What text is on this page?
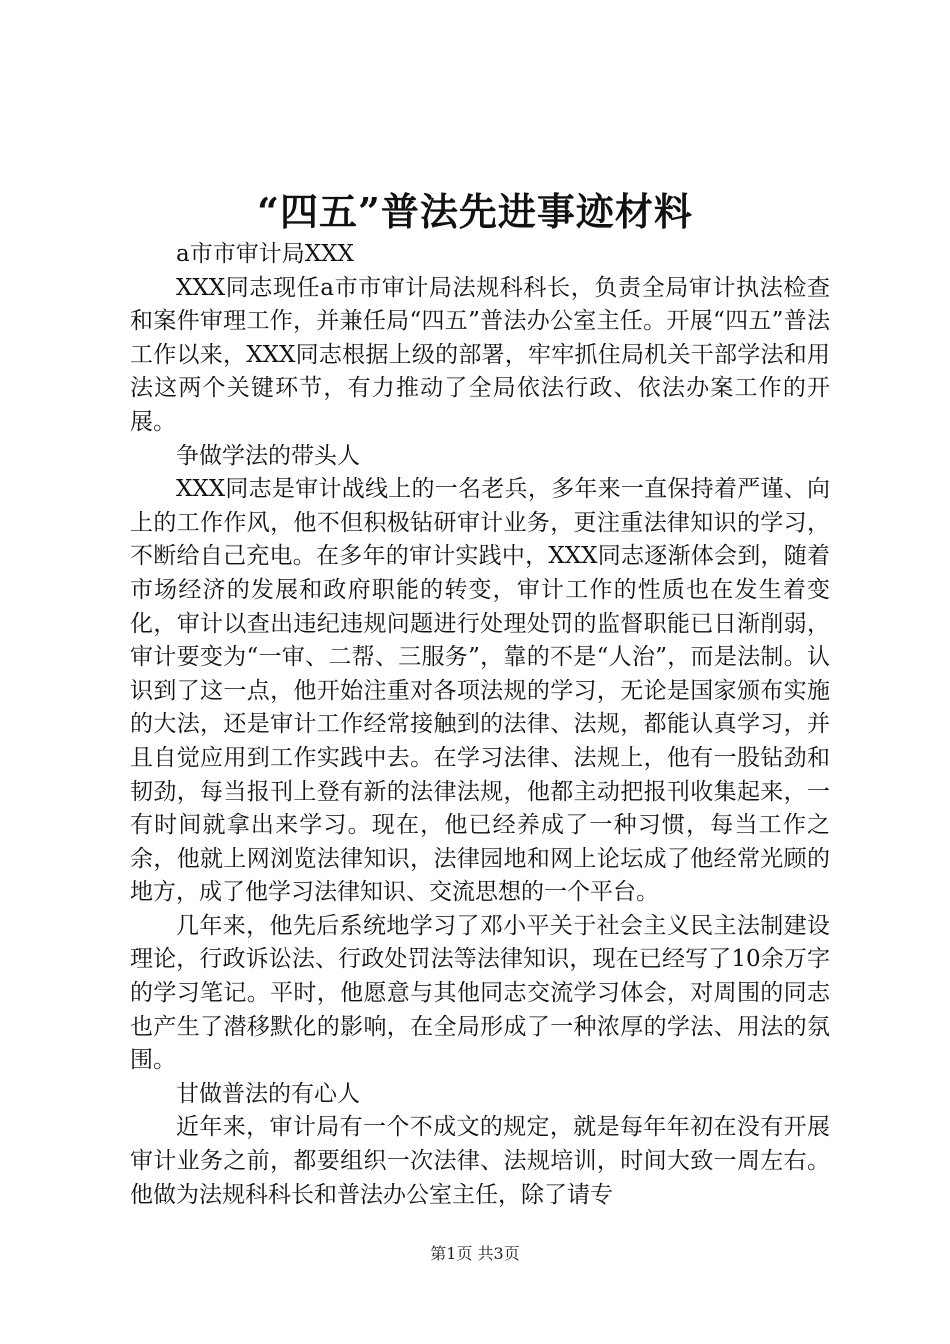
“四五”普法先进事迹材料

a市市审计局XXX

XXX同志现任a市市审计局法规科科长，负责全局审计执法检查和案件审理工作，并兼任局“四五”普法办公室主任。开展“四五”普法工作以来，XXX同志根据上级的部署，牢牢抓住局机关干部学法和用法这两个关键环节，有力推动了全局依法行政、依法办案工作的开展。

争做学法的带头人

XXX同志是审计战线上的一名老兵，多年来一直保持着严谨、向上的工作作风，他不但积极钻研审计业务，更注重法律知识的学习，不断给自己充电。在多年的审计实践中，XXX同志逐渐体会到，随着市场经济的发展和政府职能的转变，审计工作的性质也在发生着变化，审计以查出违纪违规问题进行处理处罚的监督职能已日渐削弱，审计要变为“一审、二帮、三服务”，靠的不是“人治”，而是法制。认识到了这一点，他开始注重对各项法规的学习，无论是国家颁布实施的大法，还是审计工作经常接触到的法律、法规，都能认真学习，并且自觉应用到工作实践中去。在学习法律、法规上，他有一股钻劲和韧劲，每当报刊上登有新的法律法规，他都主动把报刊收集起来，一有时间就拿出来学习。现在，他已经养成了一种习惯，每当工作之余，他就上网浏览法律知识，法律园地和网上论坛成了他经常光顾的地方，成了他学习法律知识、交流思想的一个平台。

几年来，他先后系统地学习了邓小平关于社会主义民主法制建设理论，行政诉讼法、行政处罚法等法律知识，现在已经写了10余万字的学习笔记。平时，他愿意与其他同志交流学习体会，对周围的同志也产生了潜移默化的影响，在全局形成了一种浓厚的学法、用法的氛围。

甘做普法的有心人

近年来，审计局有一个不成文的规定，就是每年年初在没有开展审计业务之前，都要组织一次法律、法规培训，时间大致一周左右。他做为法规科科长和普法办公室主任，除了请专

第1页 共3页
